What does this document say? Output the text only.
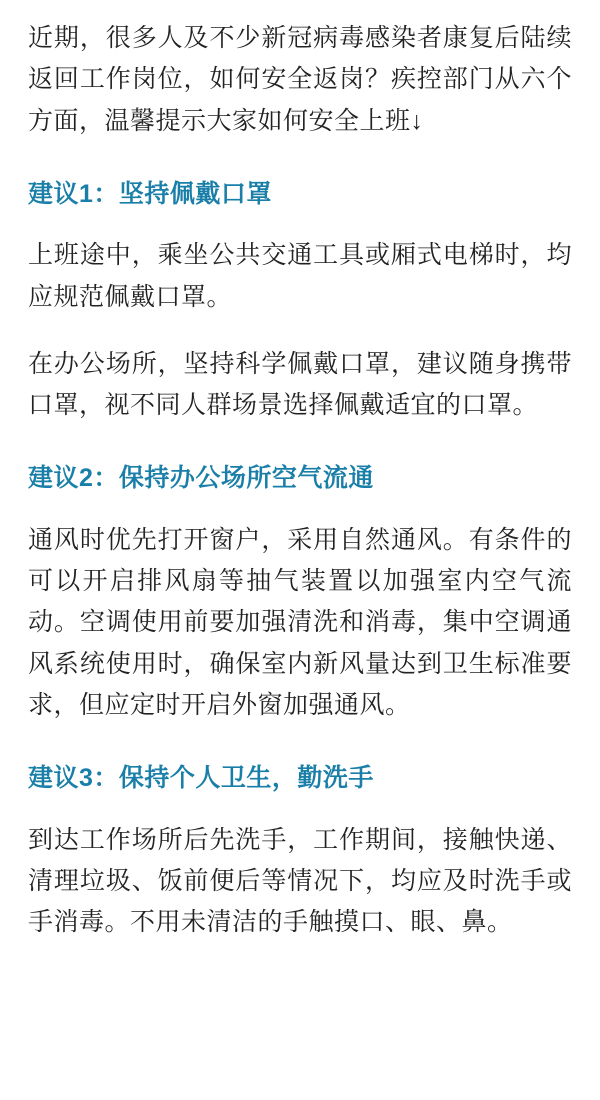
近期，很多人及不少新冠病毒感染者康复后陆续返回工作岗位，如何安全返岗？疾控部门从六个方面，温馨提示大家如何安全上班↓

建议1：坚持佩戴口罩

上班途中，乘坐公共交通工具或厢式电梯时，均应规范佩戴口罩。

在办公场所，坚持科学佩戴口罩，建议随身携带口罩，视不同人群场景选择佩戴适宜的口罩。

建议2：保持办公场所空气流通

通风时优先打开窗户，采用自然通风。有条件的可以开启排风扇等抽气装置以加强室内空气流动。空调使用前要加强清洗和消毒，集中空调通风系统使用时，确保室内新风量达到卫生标准要求，但应定时开启外窗加强通风。

建议3：保持个人卫生，勤洗手

到达工作场所后先洗手，工作期间，接触快递、清理垃圾、饭前便后等情况下，均应及时洗手或手消毒。不用未清洁的手触摸口、眼、鼻。
